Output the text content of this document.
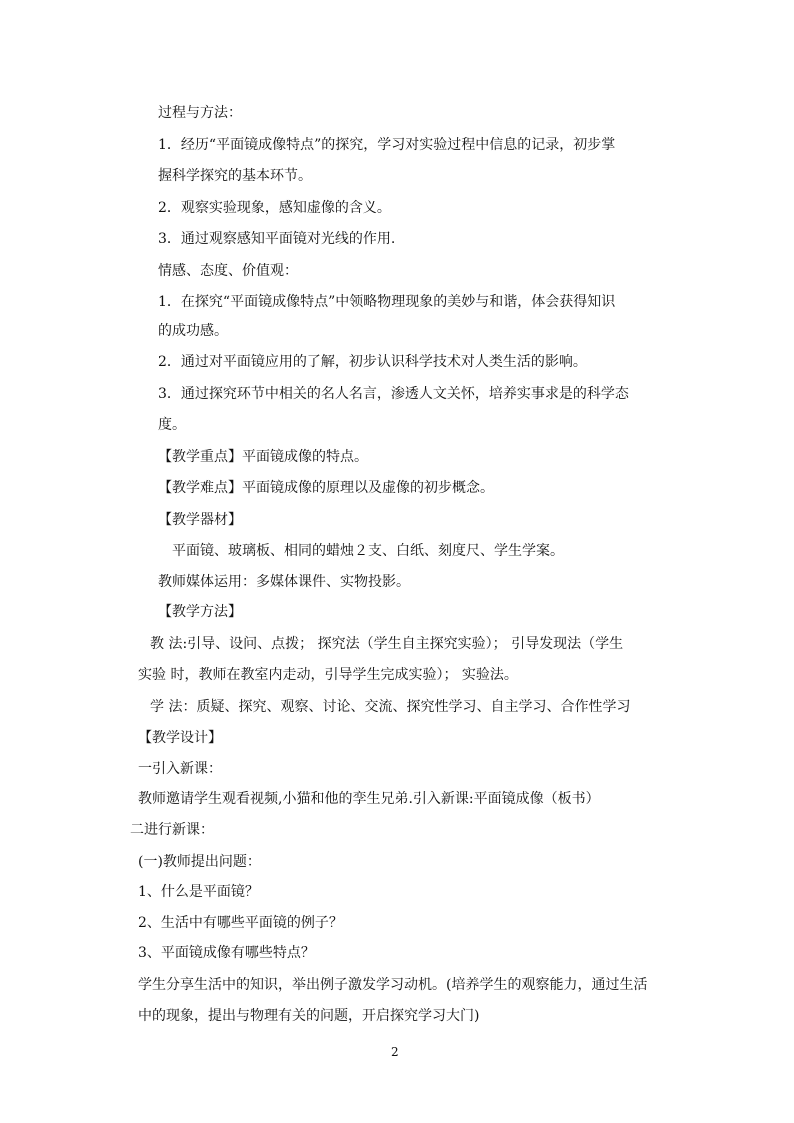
过程与方法：
1．经历“平面镜成像特点”的探究，学习对实验过程中信息的记录，初步掌
握科学探究的基本环节。
2．观察实验现象，感知虚像的含义。
3．通过观察感知平面镜对光线的作用.
情感、态度、价值观：
1．在探究“平面镜成像特点”中领略物理现象的美妙与和谐，体会获得知识
的成功感。
2．通过对平面镜应用的了解，初步认识科学技术对人类生活的影响。
3．通过探究环节中相关的名人名言，渗透人文关怀，培养实事求是的科学态
度。
【教学重点】平面镜成像的特点。
【教学难点】平面镜成像的原理以及虚像的初步概念。
【教学器材】
平面镜、玻璃板、相同的蜡烛２支、白纸、刻度尺、学生学案。
教师媒体运用：多媒体课件、实物投影。
【教学方法】
教 法:引导、设问、点拨； 探究法（学生自主探究实验）； 引导发现法（学生
实验 时，教师在教室内走动，引导学生完成实验）； 实验法。
学 法：质疑、探究、观察、讨论、交流、探究性学习、自主学习、合作性学习
【教学设计】
一引入新课：
教师邀请学生观看视频,小猫和他的孪生兄弟.引入新课:平面镜成像（板书）
二进行新课：
(一)教师提出问题：
1、什么是平面镜？
2、生活中有哪些平面镜的例子？
3、平面镜成像有哪些特点？
学生分享生活中的知识，举出例子激发学习动机。(培养学生的观察能力，通过生活
中的现象，提出与物理有关的问题，开启探究学习大门)
2
